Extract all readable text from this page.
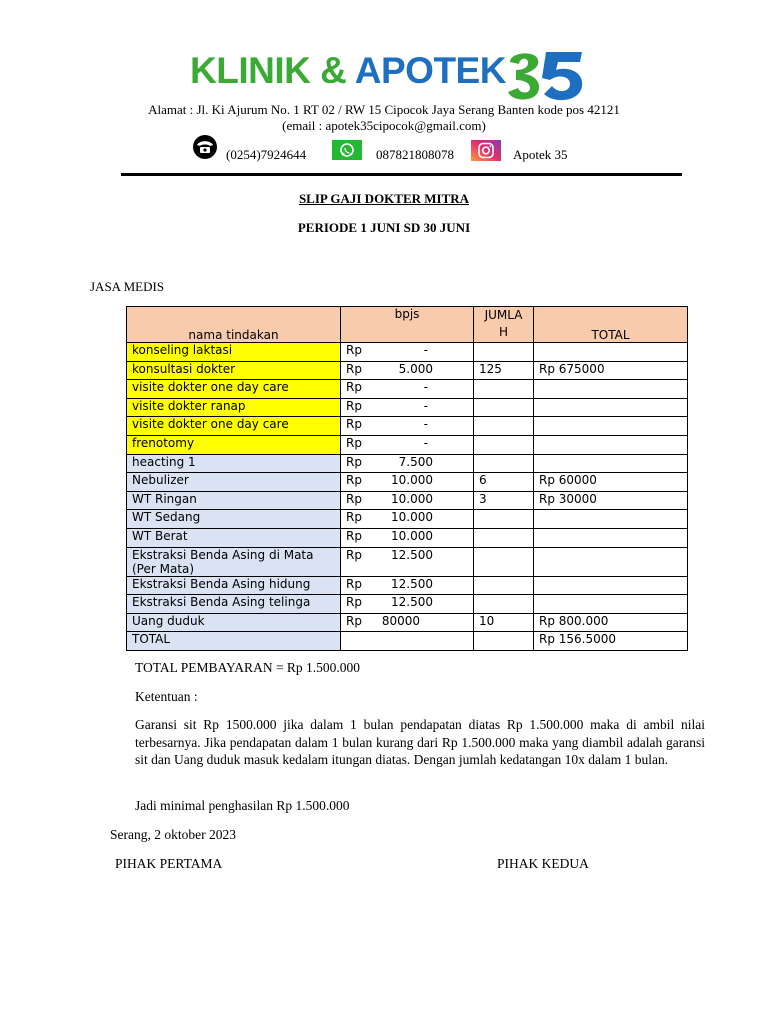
KLINIK & APOTEK
Alamat : Jl. Ki Ajurum No. 1 RT 02 / RW 15 Cipocok Jaya Serang Banten kode pos 42121
(email : apotek35cipocok@gmail.com)
(0254)7924644	087821808078	Apotek 35
SLIP GAJI DOKTER MITRA
PERIODE 1 JUNI SD 30 JUNI
JASA MEDIS
nama tindakan	bpjs	JUMLA H	TOTAL
konseling laktasi	Rp -		

konsultasi dokter	Rp 5.000	125	Rp 675000
visite dokter one day care	Rp -		

visite dokter ranap	Rp -		

visite dokter one day care	Rp -		

frenotomy	Rp -		

heacting 1	Rp 7.500		

Nebulizer	Rp 10.000	6	Rp 60000
WT Ringan	Rp 10.000	3	Rp 30000
WT Sedang	Rp 10.000		

WT Berat	Rp 10.000		

Ekstraksi Benda Asing di Mata (Per Mata)	Rp 12.500		

Ekstraksi Benda Asing hidung	Rp 12.500		

Ekstraksi Benda Asing telinga	Rp 12.500		

Uang duduk	Rp 80000	10	Rp 800.000
TOTAL			Rp 156.5000
TOTAL PEMBAYARAN = Rp 1.500.000
Ketentuan :
Garansi sit Rp 1500.000 jika dalam 1 bulan pendapatan diatas Rp 1.500.000 maka di ambil nilai terbesarnya. Jika pendapatan dalam 1 bulan kurang dari Rp 1.500.000 maka yang diambil adalah garansi sit dan Uang duduk masuk kedalam itungan diatas. Dengan jumlah kedatangan 10x dalam 1 bulan.
Jadi minimal penghasilan Rp 1.500.000
Serang, 2 oktober 2023
PIHAK PERTAMA	PIHAK KEDUA
